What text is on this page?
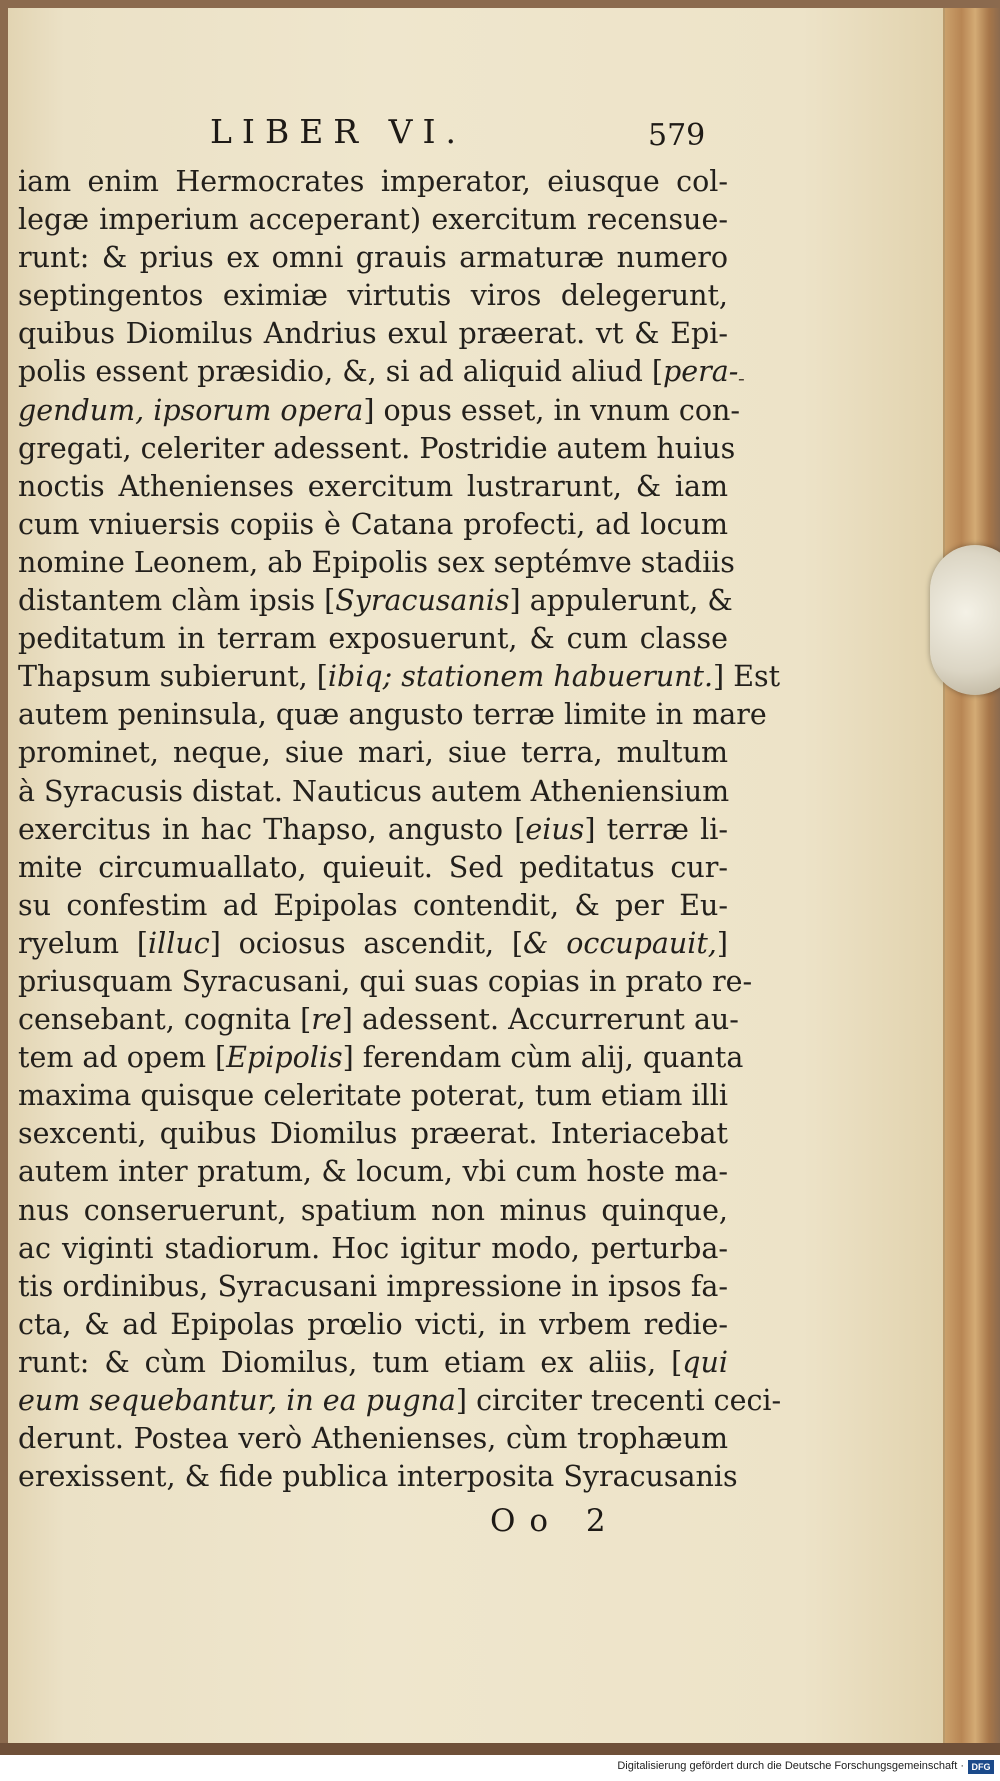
LIBER VI.	579
iam enim Hermocrates imperator, eiusque col-
legæ imperium acceperant) exercitum recensue-
runt: & prius ex omni grauis armaturæ numero
septingentos eximiæ virtutis viros delegerunt,
quibus Diomilus Andrius exul præerat. vt & Epi-
polis essent præsidio, &, si ad aliquid aliud [pera-
gendum, ipsorum opera] opus esset, in vnum con-
gregati, celeriter adessent. Postridie autem huius
noctis Athenienses exercitum lustrarunt, & iam
cum vniuersis copiis è Catana profecti, ad locum
nomine Leonem, ab Epipolis sex septémve stadiis
distantem clàm ipsis [Syracusanis] appulerunt, &
peditatum in terram exposuerunt, & cum classe
Thapsum subierunt, [ibiq; stationem habuerunt.] Est
autem peninsula, quæ angusto terræ limite in mare
prominet, neque, siue mari, siue terra, multum
à Syracusis distat. Nauticus autem Atheniensium
exercitus in hac Thapso, angusto [eius] terræ li-
mite circumuallato, quieuit. Sed peditatus cur-
su confestim ad Epipolas contendit, & per Eu-
ryelum [illuc] ociosus ascendit, [& occupauit,]
priusquam Syracusani, qui suas copias in prato re-
censebant, cognita [re] adessent. Accurrerunt au-
tem ad opem [Epipolis] ferendam cùm alij, quanta
maxima quisque celeritate poterat, tum etiam illi
sexcenti, quibus Diomilus præerat. Interiacebat
autem inter pratum, & locum, vbi cum hoste ma-
nus conseruerunt, spatium non minus quinque,
ac viginti stadiorum. Hoc igitur modo, perturba-
tis ordinibus, Syracusani impressione in ipsos fa-
cta, & ad Epipolas prœlio victi, in vrbem redie-
runt: & cùm Diomilus, tum etiam ex aliis, [qui
eum sequebantur, in ea pugna] circiter trecenti ceci-
derunt. Postea verò Athenienses, cùm trophæum
erexissent, & fide publica interposita Syracusanis
-
Oo 2
Digitalisierung gefördert durch die Deutsche Forschungsgemeinschaft · DFG
